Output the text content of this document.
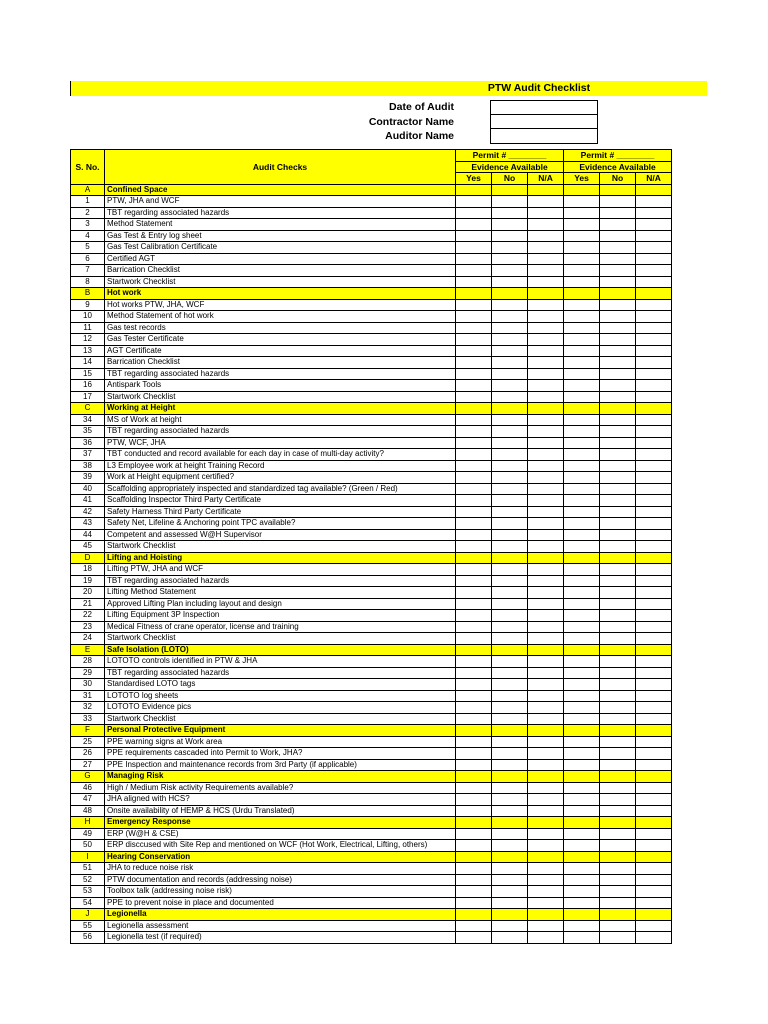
PTW Audit Checklist
Date of Audit
Contractor Name
Auditor Name
S. No.	Audit Checks	Permit # ________			Permit # ________		
		Evidence Available			Evidence Available		
		Yes	No	N/A	Yes	No	N/A
A	Confined Space						
1	PTW, JHA and WCF						
2	TBT regarding associated hazards						
3	Method Statement						
4	Gas Test & Entry log sheet						
5	Gas Test Calibration Certificate						
6	Certified AGT						
7	Barrication Checklist						
8	Startwork Checklist						
B	Hot work						
9	Hot works PTW, JHA, WCF						
10	Method Statement of hot work						
11	Gas test records						
12	Gas Tester Certificate						
13	AGT Certificate						
14	Barrication Checklist						
15	TBT regarding associated hazards						
16	Antispark Tools						
17	Startwork Checklist						
C	Working at Height						
34	MS of Work at height						
35	TBT regarding associated hazards						
36	PTW, WCF, JHA						
37	TBT conducted and record available for each day in case of multi-day activity?						
38	L3 Employee work at height Training Record						
39	Work at Height equipment certified?						
40	Scaffolding appropriately inspected and standardized tag available? (Green / Red)						
41	Scaffolding Inspector Third Party Certificate						
42	Safety Harness Third Party Certificate						
43	Safety Net, Lifeline & Anchoring point TPC available?						
44	Competent and assessed W@H Supervisor						
45	Startwork Checklist						
D	Lifting and Hoisting						
18	Lifting PTW, JHA and WCF						
19	TBT regarding associated hazards						
20	Lifting Method Statement						
21	Approved Lifting Plan including layout and design						
22	Lifting Equipment 3P Inspection						
23	Medical Fitness of crane operator, license and training						
24	Startwork Checklist						
E	Safe Isolation (LOTO)						
28	LOTOTO controls identified in PTW & JHA						
29	TBT regarding associated hazards						
30	Standardised LOTO tags						
31	LOTOTO log sheets						
32	LOTOTO Evidence pics						
33	Startwork Checklist						
F	Personal Protective Equipment						
25	PPE warning signs at Work area						
26	PPE requirements cascaded into Permit to Work, JHA?						
27	PPE Inspection and maintenance records from 3rd Party (if applicable)						
G	Managing Risk						
46	High / Medium Risk activity Requirements available?						
47	JHA aligned with HCS?						
48	Onsite availability of HEMP & HCS (Urdu Translated)						
H	Emergency Response						
49	ERP (W@H & CSE)						
50	ERP disccused with Site Rep and mentioned on WCF (Hot Work, Electrical, Lifting, others)						
I	Hearing Conservation						
51	JHA to reduce noise risk						
52	PTW documentation and records (addressing noise)						
53	Toolbox talk (addressing noise risk)						
54	PPE to prevent noise in place and documented						
J	Legionella						
55	Legionella assessment						
56	Legionella test (if required)						
